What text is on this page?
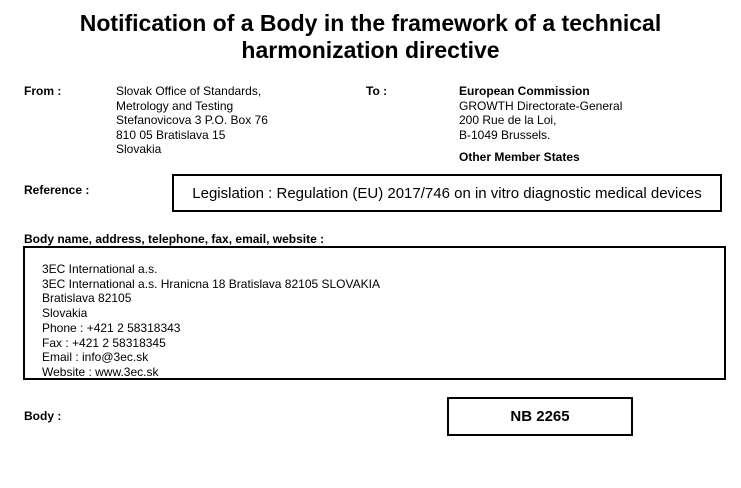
Notification of a Body in the framework of a technical
harmonization directive
From :	Slovak Office of Standards,
Metrology and Testing
Stefanovicova 3 P.O. Box 76
810 05 Bratislava 15
Slovakia
To :	European Commission
GROWTH Directorate-General
200 Rue de la Loi,
B-1049 Brussels.
Other Member States
Reference :	Legislation : Regulation (EU) 2017/746 on in vitro diagnostic medical devices
Body name, address, telephone, fax, email, website :
3EC International a.s.
3EC International a.s. Hranicna 18 Bratislava 82105 SLOVAKIA
Bratislava 82105
Slovakia
Phone : +421 2 58318343
Fax : +421 2 58318345
Email : info@3ec.sk
Website : www.3ec.sk
Body :	NB 2265
